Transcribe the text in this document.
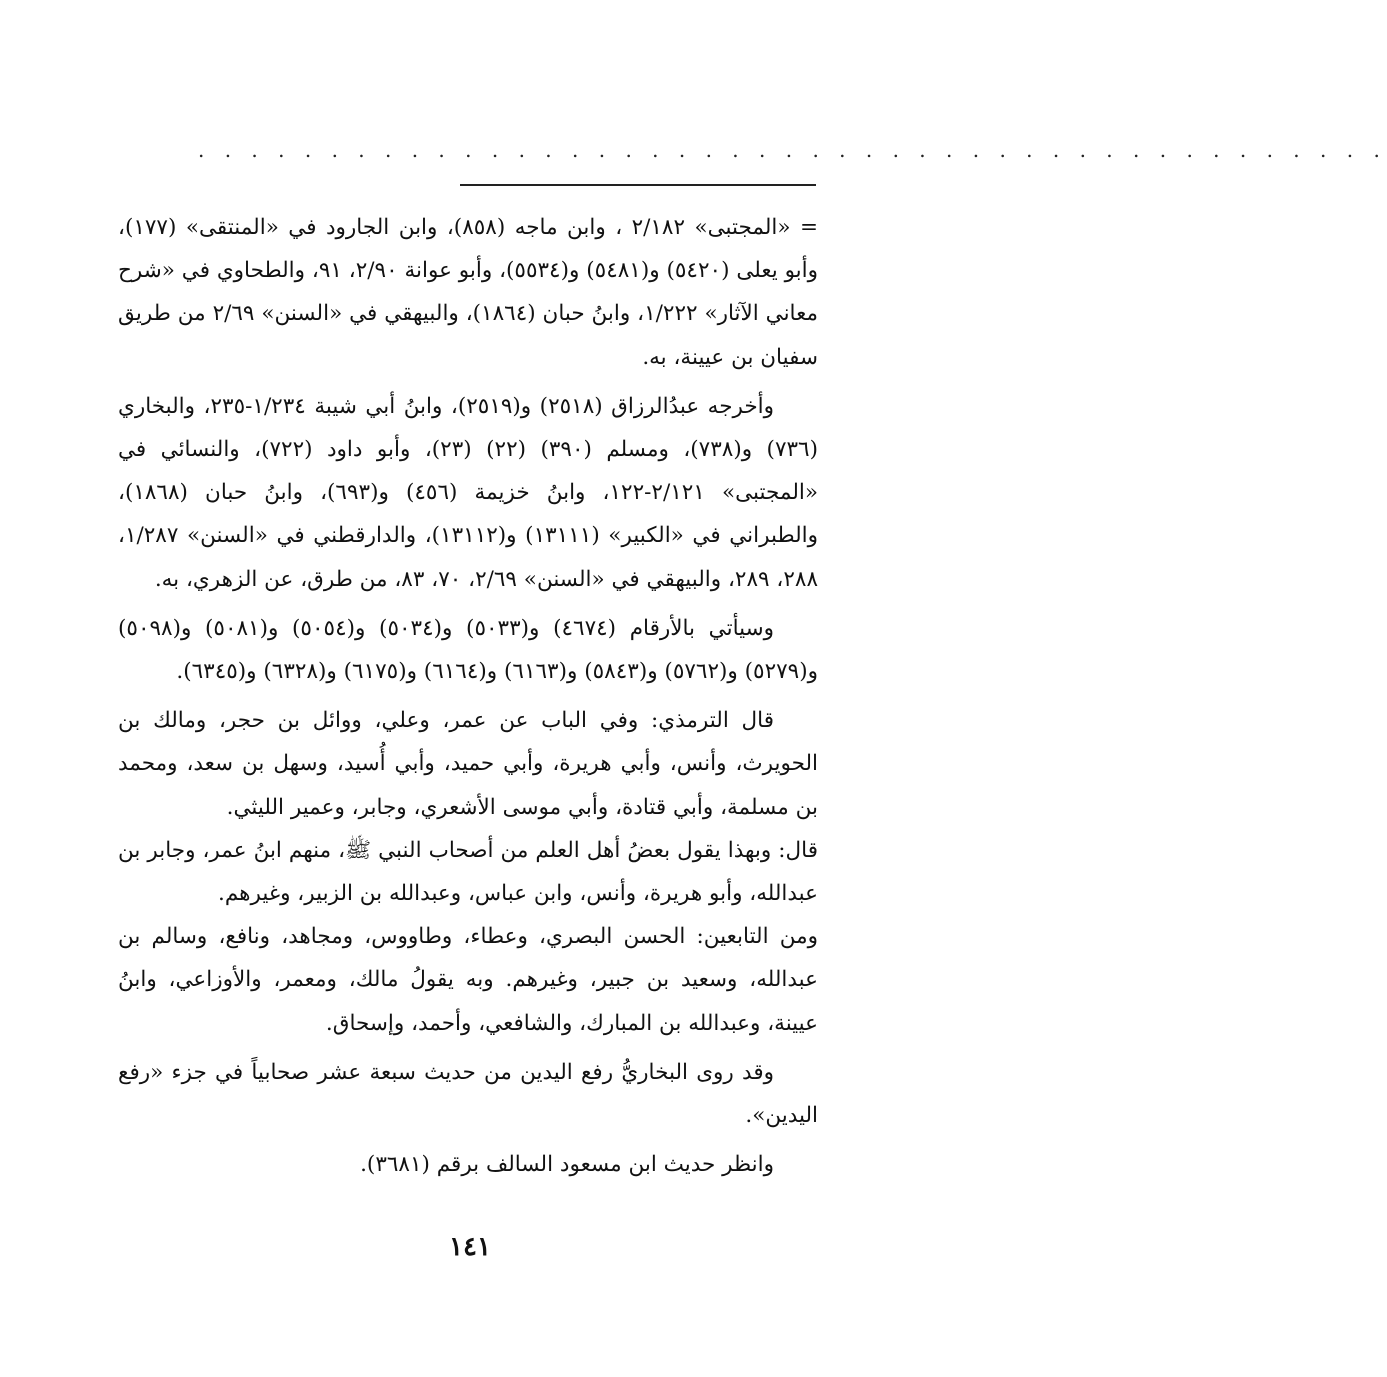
. . . . . . . . . . . . . . . . . . . . . . . . . . . . . . . . . . . . . . . . . . . . .

= «المجتبى» ٢/١٨٢ ، وابن ماجه (٨٥٨)، وابن الجارود في «المنتقى» (١٧٧)، وأبو يعلى (٥٤٢٠) و(٥٤٨١) و(٥٥٣٤)، وأبو عوانة ٢/٩٠، ٩١، والطحاوي في «شرح معاني الآثار» ١/٢٢٢، وابنُ حبان (١٨٦٤)، والبيهقي في «السنن» ٢/٦٩ من طريق سفيان بن عيينة، به.

وأخرجه عبدُالرزاق (٢٥١٨) و(٢٥١٩)، وابنُ أبي شيبة ١/٢٣٤-٢٣٥، والبخاري (٧٣٦) و(٧٣٨)، ومسلم (٣٩٠) (٢٢) (٢٣)، وأبو داود (٧٢٢)، والنسائي في «المجتبى» ٢/١٢١-١٢٢، وابنُ خزيمة (٤٥٦) و(٦٩٣)، وابنُ حبان (١٨٦٨)، والطبراني في «الكبير» (١٣١١١) و(١٣١١٢)، والدارقطني في «السنن» ١/٢٨٧، ٢٨٨، ٢٨٩، والبيهقي في «السنن» ٢/٦٩، ٧٠، ٨٣، من طرق، عن الزهري، به.

وسيأتي بالأرقام (٤٦٧٤) و(٥٠٣٣) و(٥٠٣٤) و(٥٠٥٤) و(٥٠٨١) و(٥٠٩٨) و(٥٢٧٩) و(٥٧٦٢) و(٥٨٤٣) و(٦١٦٣) و(٦١٦٤) و(٦١٧٥) و(٦٣٢٨) و(٦٣٤٥).

قال الترمذي: وفي الباب عن عمر، وعلي، ووائل بن حجر، ومالك بن الحويرث، وأنس، وأبي هريرة، وأبي حميد، وأبي أُسيد، وسهل بن سعد، ومحمد بن مسلمة، وأبي قتادة، وأبي موسى الأشعري، وجابر، وعمير الليثي.

قال: وبهذا يقول بعضُ أهل العلم من أصحاب النبي ﷺ، منهم ابنُ عمر، وجابر بن عبدالله، وأبو هريرة، وأنس، وابن عباس، وعبدالله بن الزبير، وغيرهم.

ومن التابعين: الحسن البصري، وعطاء، وطاووس، ومجاهد، ونافع، وسالم بن عبدالله، وسعيد بن جبير، وغيرهم. وبه يقولُ مالك، ومعمر، والأوزاعي، وابنُ عيينة، وعبدالله بن المبارك، والشافعي، وأحمد، وإسحاق.

وقد روى البخاريُّ رفع اليدين من حديث سبعة عشر صحابياً في جزء «رفع اليدين».

وانظر حديث ابن مسعود السالف برقم (٣٦٨١).

١٤١
